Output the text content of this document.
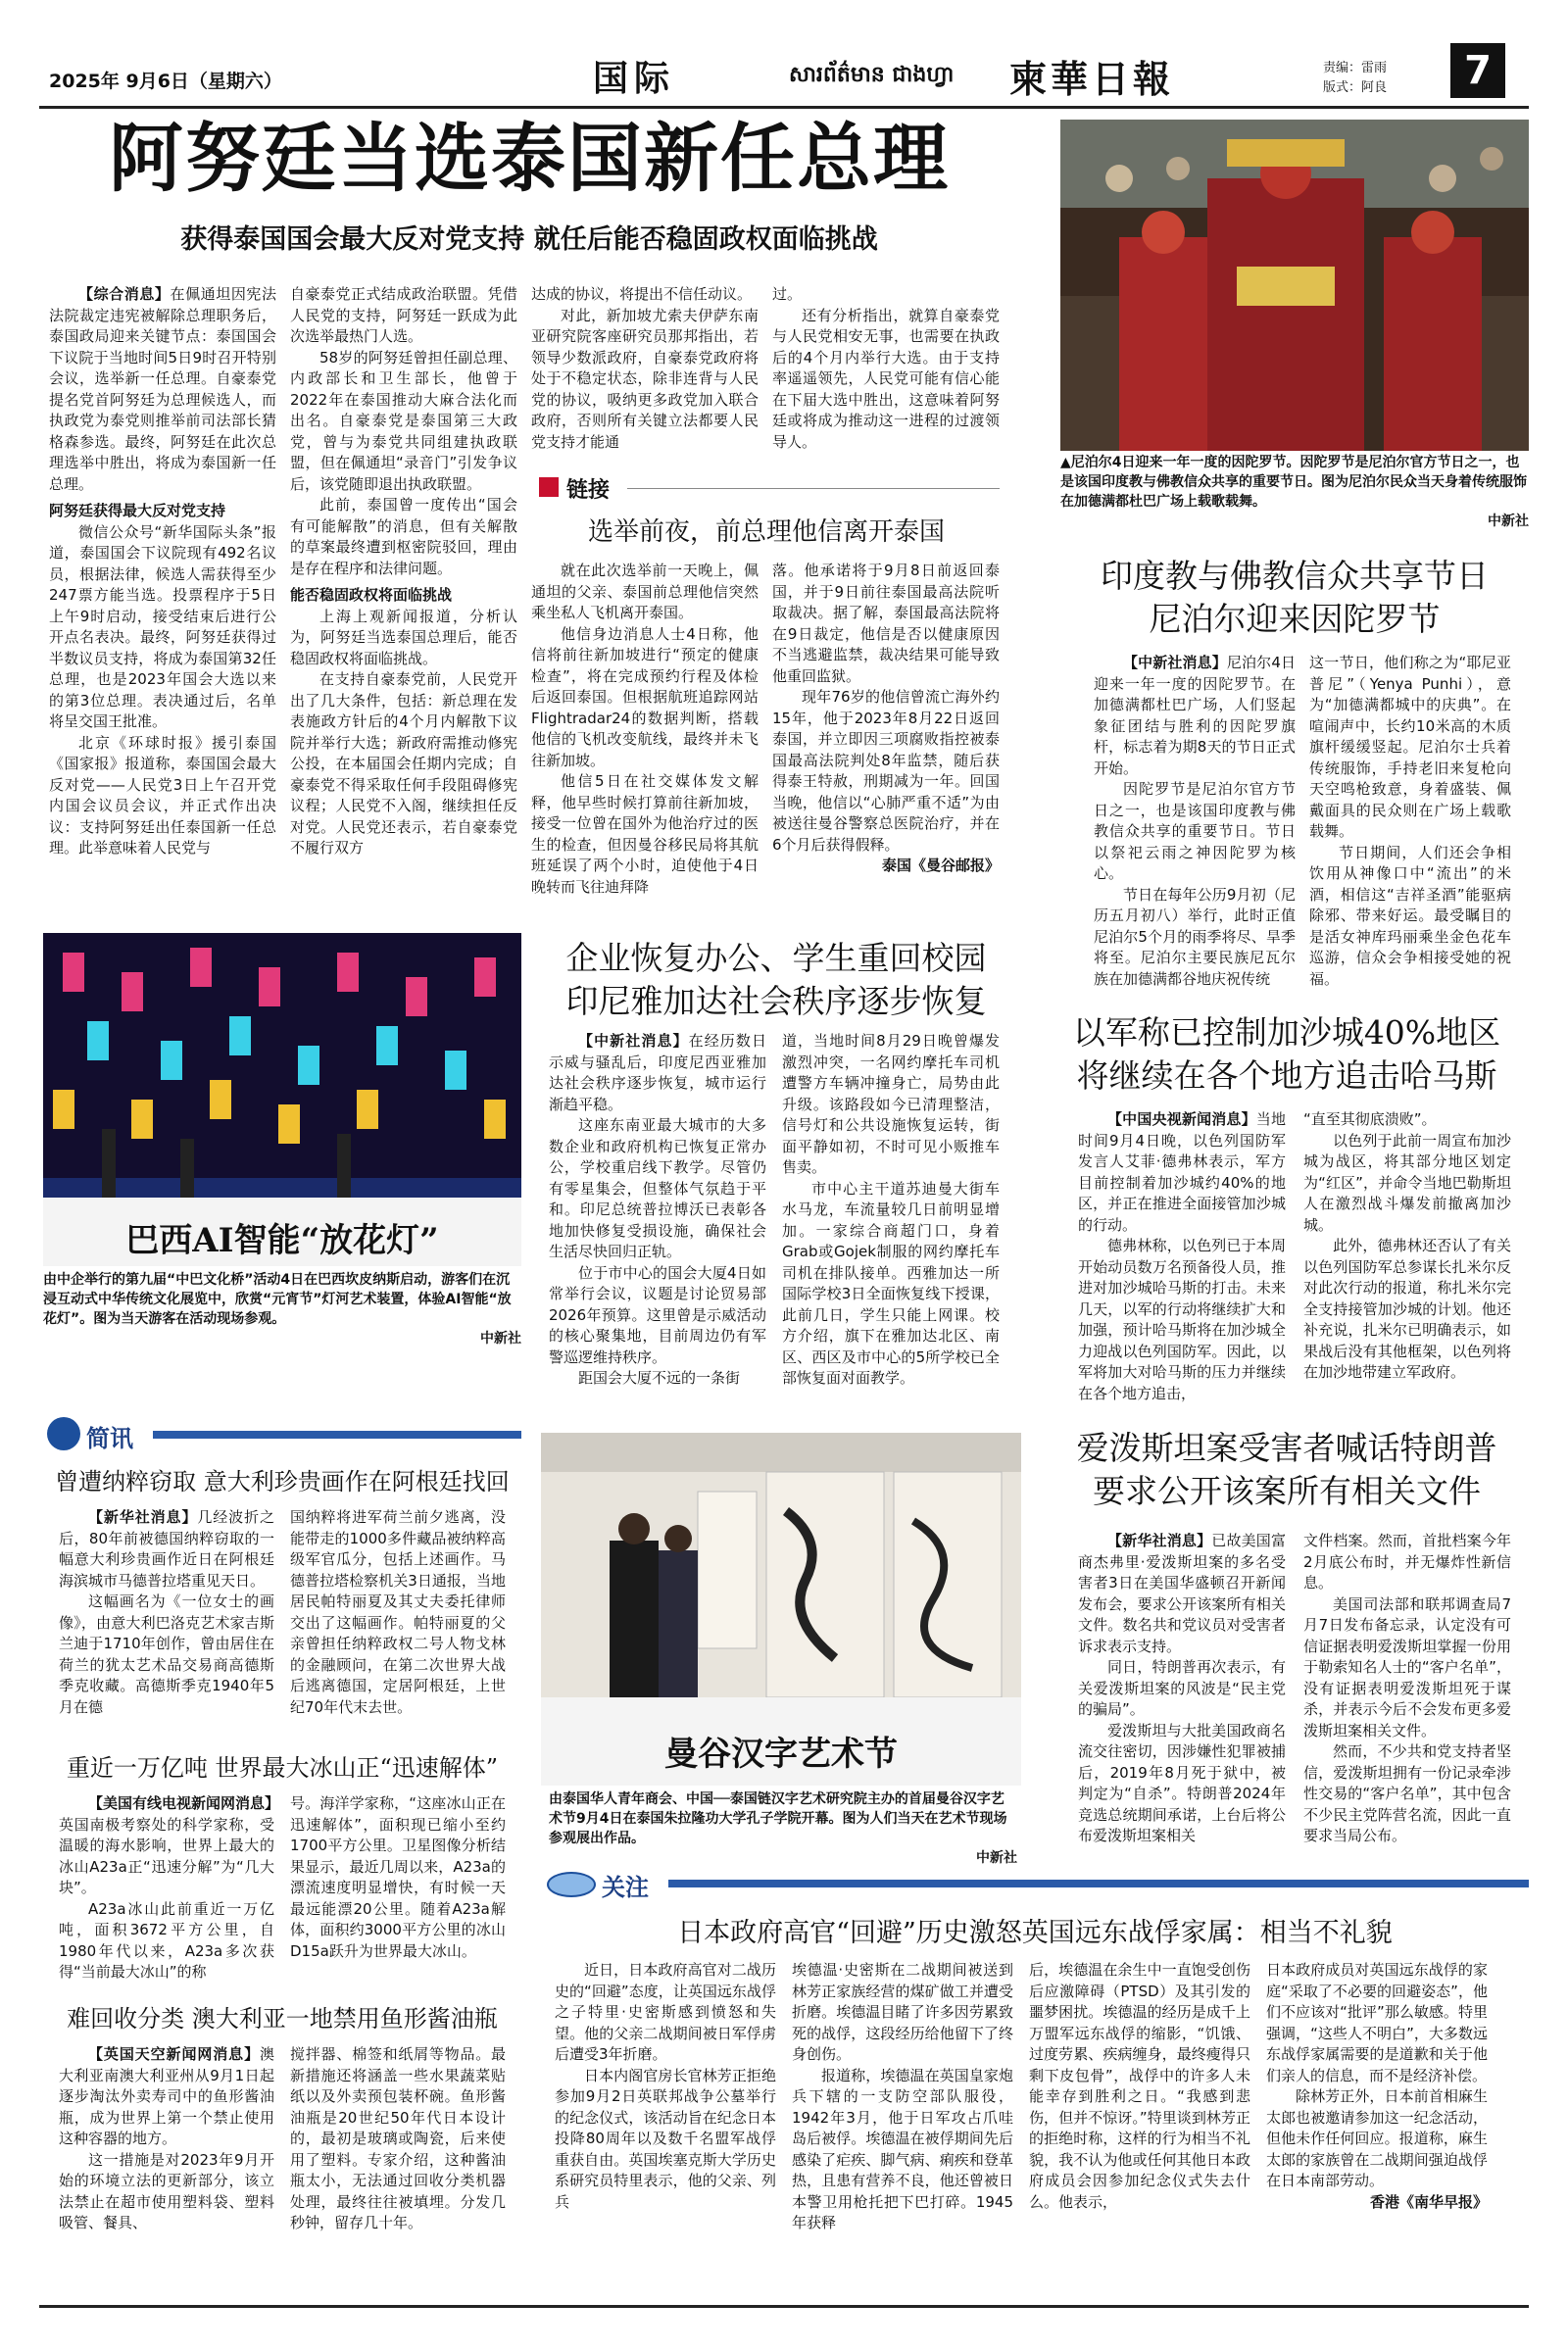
2025年 9月6日（星期六）	国际	សារព័ត៌មាន ជាងហ្វា 柬華日報	责编：雷雨
版式：阿良	7
阿努廷当选泰国新任总理
获得泰国国会最大反对党支持 就任后能否稳固政权面临挑战

【综合消息】在佩通坦因宪法法院裁定违宪被解除总理职务后，泰国政局迎来关键节点：泰国国会下议院于当地时间5日9时召开特别会议，选举新一任总理。自豪泰党提名党首阿努廷为总理候选人，而执政党为泰党则推举前司法部长猜格森参选。最终，阿努廷在此次总理选举中胜出，将成为泰国新一任总理。

阿努廷获得最大反对党支持

微信公众号“新华国际头条”报道，泰国国会下议院现有492名议员，根据法律，候选人需获得至少247票方能当选。投票程序于5日上午9时启动，接受结束后进行公开点名表决。最终，阿努廷获得过半数议员支持，将成为泰国第32任总理，也是2023年国会大选以来的第3位总理。表决通过后，名单将呈交国王批准。

北京《环球时报》援引泰国《国家报》报道称，泰国国会最大反对党——人民党3日上午召开党内国会议员会议，并正式作出决议：支持阿努廷出任泰国新一任总理。此举意味着人民党与

自豪泰党正式结成政治联盟。凭借人民党的支持，阿努廷一跃成为此次选举最热门人选。

58岁的阿努廷曾担任副总理、内政部长和卫生部长，他曾于2022年在泰国推动大麻合法化而出名。自豪泰党是泰国第三大政党，曾与为泰党共同组建执政联盟，但在佩通坦“录音门”引发争议后，该党随即退出执政联盟。

此前，泰国曾一度传出“国会有可能解散”的消息，但有关解散的草案最终遭到枢密院驳回，理由是存在程序和法律问题。

能否稳固政权将面临挑战

上海上观新闻报道，分析认为，阿努廷当选泰国总理后，能否稳固政权将面临挑战。

在支持自豪泰党前，人民党开出了几大条件，包括：新总理在发表施政方针后的4个月内解散下议院并举行大选；新政府需推动修宪公投，在本届国会任期内完成；自豪泰党不得采取任何手段阻碍修宪议程；人民党不入阁，继续担任反对党。人民党还表示，若自豪泰党不履行双方

达成的协议，将提出不信任动议。

对此，新加坡尤索夫伊萨东南亚研究院客座研究员那邦指出，若领导少数派政府，自豪泰党政府将处于不稳定状态，除非连背与人民党的协议，吸纳更多政党加入联合政府，否则所有关键立法都要人民党支持才能通

过。

还有分析指出，就算自豪泰党与人民党相安无事，也需要在执政后的4个月内举行大选。由于支持率遥遥领先，人民党可能有信心能在下届大选中胜出，这意味着阿努廷或将成为推动这一进程的过渡领导人。

链接
选举前夜，前总理他信离开泰国

就在此次选举前一天晚上，佩通坦的父亲、泰国前总理他信突然乘坐私人飞机离开泰国。

他信身边消息人士4日称，他信将前往新加坡进行“预定的健康检查”，将在完成预约行程及体检后返回泰国。但根据航班追踪网站Flightradar24的数据判断，搭载他信的飞机改变航线，最终并未飞往新加坡。

他信5日在社交媒体发文解释，他早些时候打算前往新加坡，接受一位曾在国外为他治疗过的医生的检查，但因曼谷移民局将其航班延误了两个小时，迫使他于4日晚转而飞往迪拜降

落。他承诺将于9月8日前返回泰国，并于9日前往泰国最高法院听取裁决。据了解，泰国最高法院将在9日裁定，他信是否以健康原因不当逃避监禁，裁决结果可能导致他重回监狱。

现年76岁的他信曾流亡海外约15年，他于2023年8月22日返回泰国，并立即因三项腐败指控被泰国最高法院判处8年监禁，随后获得泰王特赦，刑期减为一年。回国当晚，他信以“心肺严重不适”为由被送往曼谷警察总医院治疗，并在6个月后获得假释。

泰国《曼谷邮报》

▲尼泊尔4日迎来一年一度的因陀罗节。因陀罗节是尼泊尔官方节日之一，也是该国印度教与佛教信众共享的重要节日。图为尼泊尔民众当天身着传统服饰在加德满都杜巴广场上载歌载舞。
中新社
印度教与佛教信众共享节日
尼泊尔迎来因陀罗节

【中新社消息】尼泊尔4日迎来一年一度的因陀罗节。在加德满都杜巴广场，人们竖起象征团结与胜利的因陀罗旗杆，标志着为期8天的节日正式开始。

因陀罗节是尼泊尔官方节日之一，也是该国印度教与佛教信众共享的重要节日。节日以祭祀云雨之神因陀罗为核心。

节日在每年公历9月初（尼历五月初八）举行，此时正值尼泊尔5个月的雨季将尽、旱季将至。尼泊尔主要民族尼瓦尔族在加德满都谷地庆祝传统

这一节日，他们称之为“耶尼亚普尼”（Yenya Punhi），意为“加德满都城中的庆典”。在喧闹声中，长约10米高的木质旗杆缓缓竖起。尼泊尔士兵着传统服饰，手持老旧来复枪向天空鸣枪致意，身着盛装、佩戴面具的民众则在广场上载歌载舞。

节日期间，人们还会争相饮用从神像口中“流出”的米酒，相信这“吉祥圣酒”能驱病除邪、带来好运。最受瞩目的是活女神库玛丽乘坐金色花车巡游，信众会争相接受她的祝福。

巴西AI智能“放花灯”
由中企举行的第九届“中巴文化桥”活动4日在巴西坎皮纳斯启动，游客们在沉浸互动式中华传统文化展览中，欣赏“元宵节”灯河艺术装置，体验AI智能“放花灯”。图为当天游客在活动现场参观。
中新社
企业恢复办公、学生重回校园
印尼雅加达社会秩序逐步恢复

【中新社消息】在经历数日示威与骚乱后，印度尼西亚雅加达社会秩序逐步恢复，城市运行渐趋平稳。

这座东南亚最大城市的大多数企业和政府机构已恢复正常办公，学校重启线下教学。尽管仍有零星集会，但整体气氛趋于平和。印尼总统普拉博沃已表彰各地加快修复受损设施，确保社会生活尽快回归正轨。

位于市中心的国会大厦4日如常举行会议，议题是讨论贸易部2026年预算。这里曾是示威活动的核心聚集地，目前周边仍有军警巡逻维持秩序。

距国会大厦不远的一条街

道，当地时间8月29日晚曾爆发激烈冲突，一名网约摩托车司机遭警方车辆冲撞身亡，局势由此升级。该路段如今已清理整洁，信号灯和公共设施恢复运转，街面平静如初，不时可见小贩推车售卖。

市中心主干道苏迪曼大街车水马龙，车流量较几日前明显增加。一家综合商超门口，身着Grab或Gojek制服的网约摩托车司机在排队接单。西雅加达一所国际学校3日全面恢复线下授课，此前几日，学生只能上网课。校方介绍，旗下在雅加达北区、南区、西区及市中心的5所学校已全部恢复面对面教学。

以军称已控制加沙城40%地区
将继续在各个地方追击哈马斯

【中国央视新闻消息】当地时间9月4日晚，以色列国防军发言人艾菲·德弗林表示，军方目前控制着加沙城约40%的地区，并正在推进全面接管加沙城的行动。

德弗林称，以色列已于本周开始动员数万名预备役人员，推进对加沙城哈马斯的打击。未来几天，以军的行动将继续扩大和加强，预计哈马斯将在加沙城全力迎战以色列国防军。因此，以军将加大对哈马斯的压力并继续在各个地方追击，

“直至其彻底溃败”。

以色列于此前一周宣布加沙城为战区，将其部分地区划定为“红区”，并命令当地巴勒斯坦人在激烈战斗爆发前撤离加沙城。

此外，德弗林还否认了有关以色列国防军总参谋长扎米尔反对此次行动的报道，称扎米尔完全支持接管加沙城的计划。他还补充说，扎米尔已明确表示，如果战后没有其他框架，以色列将在加沙地带建立军政府。

爱泼斯坦案受害者喊话特朗普
要求公开该案所有相关文件

【新华社消息】已故美国富商杰弗里·爱泼斯坦案的多名受害者3日在美国华盛顿召开新闻发布会，要求公开该案所有相关文件。数名共和党议员对受害者诉求表示支持。

同日，特朗普再次表示，有关爱泼斯坦案的风波是“民主党的骗局”。

爱泼斯坦与大批美国政商名流交往密切，因涉嫌性犯罪被捕后，2019年8月死于狱中，被判定为“自杀”。特朗普2024年竞选总统期间承诺，上台后将公布爱泼斯坦案相关

文件档案。然而，首批档案今年2月底公布时，并无爆炸性新信息。

美国司法部和联邦调查局7月7日发布备忘录，认定没有可信证据表明爱泼斯坦掌握一份用于勒索知名人士的“客户名单”，没有证据表明爱泼斯坦死于谋杀，并表示今后不会发布更多爱泼斯坦案相关文件。

然而，不少共和党支持者坚信，爱泼斯坦拥有一份记录牵涉性交易的“客户名单”，其中包含不少民主党阵营名流，因此一直要求当局公布。

简讯
曾遭纳粹窃取 意大利珍贵画作在阿根廷找回

【新华社消息】几经波折之后，80年前被德国纳粹窃取的一幅意大利珍贵画作近日在阿根廷海滨城市马德普拉塔重见天日。

这幅画名为《一位女士的画像》，由意大利巴洛克艺术家吉斯兰迪于1710年创作，曾由居住在荷兰的犹太艺术品交易商高德斯季克收藏。高德斯季克1940年5月在德

国纳粹将进军荷兰前夕逃离，没能带走的1000多件藏品被纳粹高级军官瓜分，包括上述画作。马德普拉塔检察机关3日通报，当地居民帕特丽夏及其丈夫委托律师交出了这幅画作。帕特丽夏的父亲曾担任纳粹政权二号人物戈林的金融顾问，在第二次世界大战后逃离德国，定居阿根廷，上世纪70年代末去世。

重近一万亿吨 世界最大冰山正“迅速解体”

【美国有线电视新闻网消息】英国南极考察处的科学家称，受温暖的海水影响，世界上最大的冰山A23a正“迅速分解”为“几大块”。

A23a冰山此前重近一万亿吨，面积3672平方公里，自1980年代以来，A23a多次获得“当前最大冰山”的称

号。海洋学家称，“这座冰山正在迅速解体”，面积现已缩小至约1700平方公里。卫星图像分析结果显示，最近几周以来，A23a的漂流速度明显增快，有时候一天最远能漂20公里。随着A23a解体，面积约3000平方公里的冰山D15a跃升为世界最大冰山。

难回收分类 澳大利亚一地禁用鱼形酱油瓶

【英国天空新闻网消息】澳大利亚南澳大利亚州从9月1日起逐步淘汰外卖寿司中的鱼形酱油瓶，成为世界上第一个禁止使用这种容器的地方。

这一措施是对2023年9月开始的环境立法的更新部分，该立法禁止在超市使用塑料袋、塑料吸管、餐具、

搅拌器、棉签和纸屑等物品。最新措施还将涵盖一些水果蔬菜贴纸以及外卖预包装杯碗。鱼形酱油瓶是20世纪50年代日本设计的，最初是玻璃或陶瓷，后来使用了塑料。专家介绍，这种酱油瓶太小，无法通过回收分类机器处理，最终往往被填埋。分发几秒钟，留存几十年。

曼谷汉字艺术节
由泰国华人青年商会、中国──泰国链汉字艺术研究院主办的首届曼谷汉字艺术节9月4日在泰国朱拉隆功大学孔子学院开幕。图为人们当天在艺术节现场参观展出作品。
中新社
关注
日本政府高官“回避”历史激怒英国远东战俘家属：相当不礼貌

近日，日本政府高官对二战历史的“回避”态度，让英国远东战俘之子特里·史密斯感到愤怒和失望。他的父亲二战期间被日军俘虏后遭受3年折磨。

日本内阁官房长官林芳正拒绝参加9月2日英联邦战争公墓举行的纪念仪式，该活动旨在纪念日本投降80周年以及数千名盟军战俘重获自由。英国埃塞克斯大学历史系研究员特里表示，他的父亲、列兵

埃德温·史密斯在二战期间被送到林芳正家族经营的煤矿做工并遭受折磨。埃德温目睹了许多因劳累致死的战俘，这段经历给他留下了终身创伤。

报道称，埃德温在英国皇家炮兵下辖的一支防空部队服役，1942年3月，他于日军攻占爪哇岛后被俘。埃德温在被俘期间先后感染了疟疾、脚气病、痢疾和登革热，且患有营养不良，他还曾被日本警卫用枪托把下巴打碎。1945年获释

后，埃德温在余生中一直饱受创伤后应激障碍（PTSD）及其引发的噩梦困扰。埃德温的经历是成千上万盟军远东战俘的缩影，“饥饿、过度劳累、疾病缠身，最终瘦得只剩下皮包骨”，战俘中的许多人未能幸存到胜利之日。“我感到悲伤，但并不惊讶。”特里谈到林芳正的拒绝时称，这样的行为相当不礼貌，我不认为他或任何其他日本政府成员会因参加纪念仪式失去什么。他表示，

日本政府成员对英国远东战俘的家庭“采取了不必要的回避姿态”，他们不应该对“批评”那么敏感。特里强调，“这些人不明白”，大多数远东战俘家属需要的是道歉和关于他们亲人的信息，而不是经济补偿。

除林芳正外，日本前首相麻生太郎也被邀请参加这一纪念活动，但他未作任何回应。报道称，麻生太郎的家族曾在二战期间强迫战俘在日本南部劳动。

香港《南华早报》
